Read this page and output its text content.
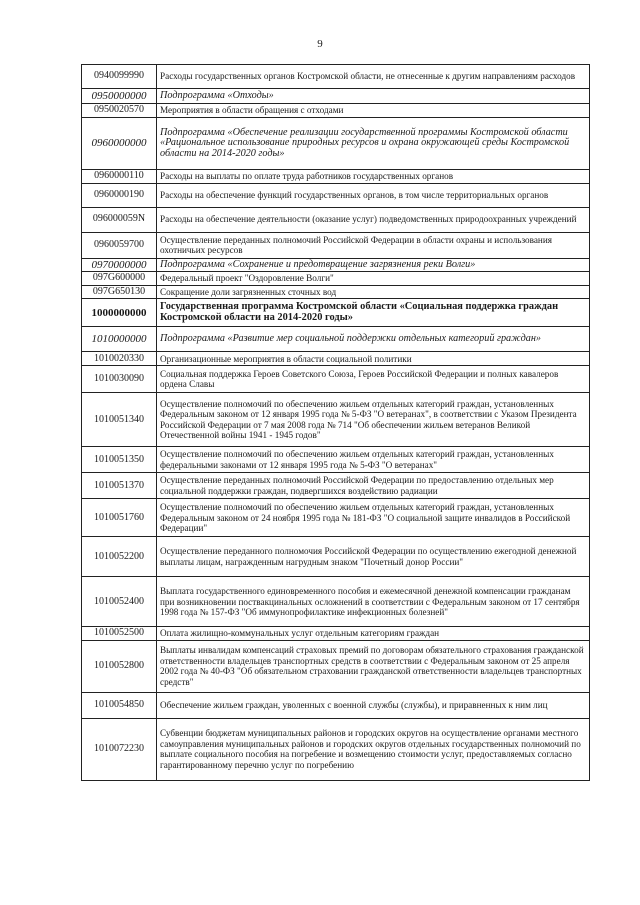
9
0940099990	Расходы государственных органов Костромской области, не отнесенные к другим направлениям расходов
0950000000	Подпрограмма «Отходы»
0950020570	Мероприятия в области обращения с отходами
0960000000	Подпрограмма «Обеспечение реализации государственной программы Костромской области «Рациональное использование природных ресурсов и охрана окружающей среды Костромской области на 2014-2020 годы»
0960000110	Расходы на выплаты по оплате труда работников государственных органов
0960000190	Расходы на обеспечение функций государственных органов, в том числе территориальных органов
096000059N	Расходы на обеспечение деятельности (оказание услуг) подведомственных природоохранных учреждений
0960059700	Осуществление переданных полномочий Российской Федерации в области охраны и использования охотничьих ресурсов
0970000000	Подпрограмма «Сохранение и предотвращение загрязнения реки Волги»
097G600000	Федеральный проект "Оздоровление Волги"
097G650130	Сокращение доли загрязненных сточных вод
1000000000	Государственная программа Костромской области «Социальная поддержка граждан Костромской области на 2014-2020 годы»
1010000000	Подпрограмма «Развитие мер социальной поддержки отдельных категорий граждан»
1010020330	Организационные мероприятия в области социальной политики
1010030090	Социальная поддержка Героев Советского Союза, Героев Российской Федерации и полных кавалеров ордена Славы
1010051340	Осуществление полномочий по обеспечению жильем отдельных категорий граждан, установленных Федеральным законом от 12 января 1995 года № 5-ФЗ "О ветеранах", в соответствии с Указом Президента Российской Федерации от 7 мая 2008 года № 714 "Об обеспечении жильем ветеранов Великой Отечественной войны 1941 - 1945 годов"
1010051350	Осуществление полномочий по обеспечению жильем отдельных категорий граждан, установленных федеральными законами от 12 января 1995 года № 5-ФЗ "О ветеранах"
1010051370	Осуществление переданных полномочий Российской Федерации по предоставлению отдельных мер социальной поддержки граждан, подвергшихся воздействию радиации
1010051760	Осуществление полномочий по обеспечению жильем отдельных категорий граждан, установленных Федеральным законом от 24 ноября 1995 года № 181-ФЗ "О социальной защите инвалидов в Российской Федерации"
1010052200	Осуществление переданного полномочия Российской Федерации по осуществлению ежегодной денежной выплаты лицам, награжденным нагрудным знаком "Почетный донор России"
1010052400	Выплата государственного единовременного пособия и ежемесячной денежной компенсации гражданам при возникновении поствакцинальных осложнений в соответствии с Федеральным законом от 17 сентября 1998 года № 157-ФЗ "Об иммунопрофилактике инфекционных болезней"
1010052500	Оплата жилищно-коммунальных услуг отдельным категориям граждан
1010052800	Выплаты инвалидам компенсаций страховых премий по договорам обязательного страхования гражданской ответственности владельцев транспортных средств в соответствии с Федеральным законом от 25 апреля 2002 года № 40-ФЗ "Об обязательном страховании гражданской ответственности владельцев транспортных средств"
1010054850	Обеспечение жильем граждан, уволенных с военной службы (службы), и приравненных к ним лиц
1010072230	Субвенции бюджетам муниципальных районов и городских округов на осуществление органами местного самоуправления муниципальных районов и городских округов отдельных государственных полномочий по выплате социального пособия на погребение и возмещению стоимости услуг, предоставляемых согласно гарантированному перечню услуг по погребению
